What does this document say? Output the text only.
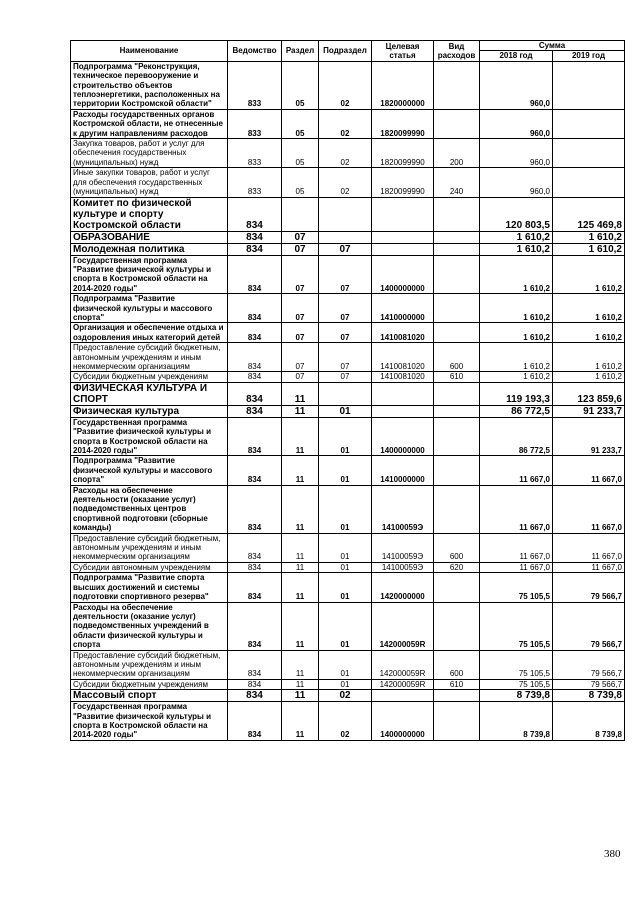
Наименование	Ведомство	Раздел	Подраздел	Целевая статья	Вид расходов	Сумма	
						2018 год	2019 год
Подпрограмма "Реконструкция, техническое перевооружение и строительство объектов теплоэнергетики, расположенных на территории Костромской области"	833	05	02	1820000000		960,0	
Расходы государственных органов Костромской области, не отнесенные к другим направлениям расходов	833	05	02	1820099990		960,0	
Закупка товаров, работ и услуг для обеспечения государственных (муниципальных) нужд	833	05	02	1820099990	200	960,0	
Иные закупки товаров, работ и услуг для обеспечения государственных (муниципальных) нужд	833	05	02	1820099990	240	960,0	
Комитет по физической культуре и спорту Костромской области	834					120 803,5	125 469,8
ОБРАЗОВАНИЕ	834	07				1 610,2	1 610,2
Молодежная политика	834	07	07			1 610,2	1 610,2
Государственная программа "Развитие физической культуры и спорта в Костромской области на 2014-2020 годы"	834	07	07	1400000000		1 610,2	1 610,2
Подпрограмма "Развитие физической культуры и массового спорта"	834	07	07	1410000000		1 610,2	1 610,2
Организация и обеспечение отдыха и оздоровления иных категорий детей	834	07	07	1410081020		1 610,2	1 610,2
Предоставление субсидий бюджетным, автономным учреждениям и иным некоммерческим организациям	834	07	07	1410081020	600	1 610,2	1 610,2
Субсидии бюджетным учреждениям	834	07	07	1410081020	610	1 610,2	1 610,2
ФИЗИЧЕСКАЯ КУЛЬТУРА И СПОРТ	834	11				119 193,3	123 859,6
Физическая культура	834	11	01			86 772,5	91 233,7
Государственная программа "Развитие физической культуры и спорта в Костромской области на 2014-2020 годы"	834	11	01	1400000000		86 772,5	91 233,7
Подпрограмма "Развитие физической культуры и массового спорта"	834	11	01	1410000000		11 667,0	11 667,0
Расходы на обеспечение деятельности (оказание услуг) подведомственных центров спортивной подготовки (сборные команды)	834	11	01	14100059Э		11 667,0	11 667,0
Предоставление субсидий бюджетным, автономным учреждениям и иным некоммерческим организациям	834	11	01	14100059Э	600	11 667,0	11 667,0
Субсидии автономным учреждениям	834	11	01	14100059Э	620	11 667,0	11 667,0
Подпрограмма "Развитие спорта высших достижений и системы подготовки спортивного резерва"	834	11	01	1420000000		75 105,5	79 566,7
Расходы на обеспечение деятельности (оказание услуг) подведомственных учреждений в области физической культуры и спорта	834	11	01	142000059R		75 105,5	79 566,7
Предоставление субсидий бюджетным, автономным учреждениям и иным некоммерческим организациям	834	11	01	142000059R	600	75 105,5	79 566,7
Субсидии бюджетным учреждениям	834	11	01	142000059R	610	75 105,5	79 566,7
Массовый спорт	834	11	02			8 739,8	8 739,8
Государственная программа "Развитие физической культуры и спорта в Костромской области на 2014-2020 годы"	834	11	02	1400000000		8 739,8	8 739,8
380
